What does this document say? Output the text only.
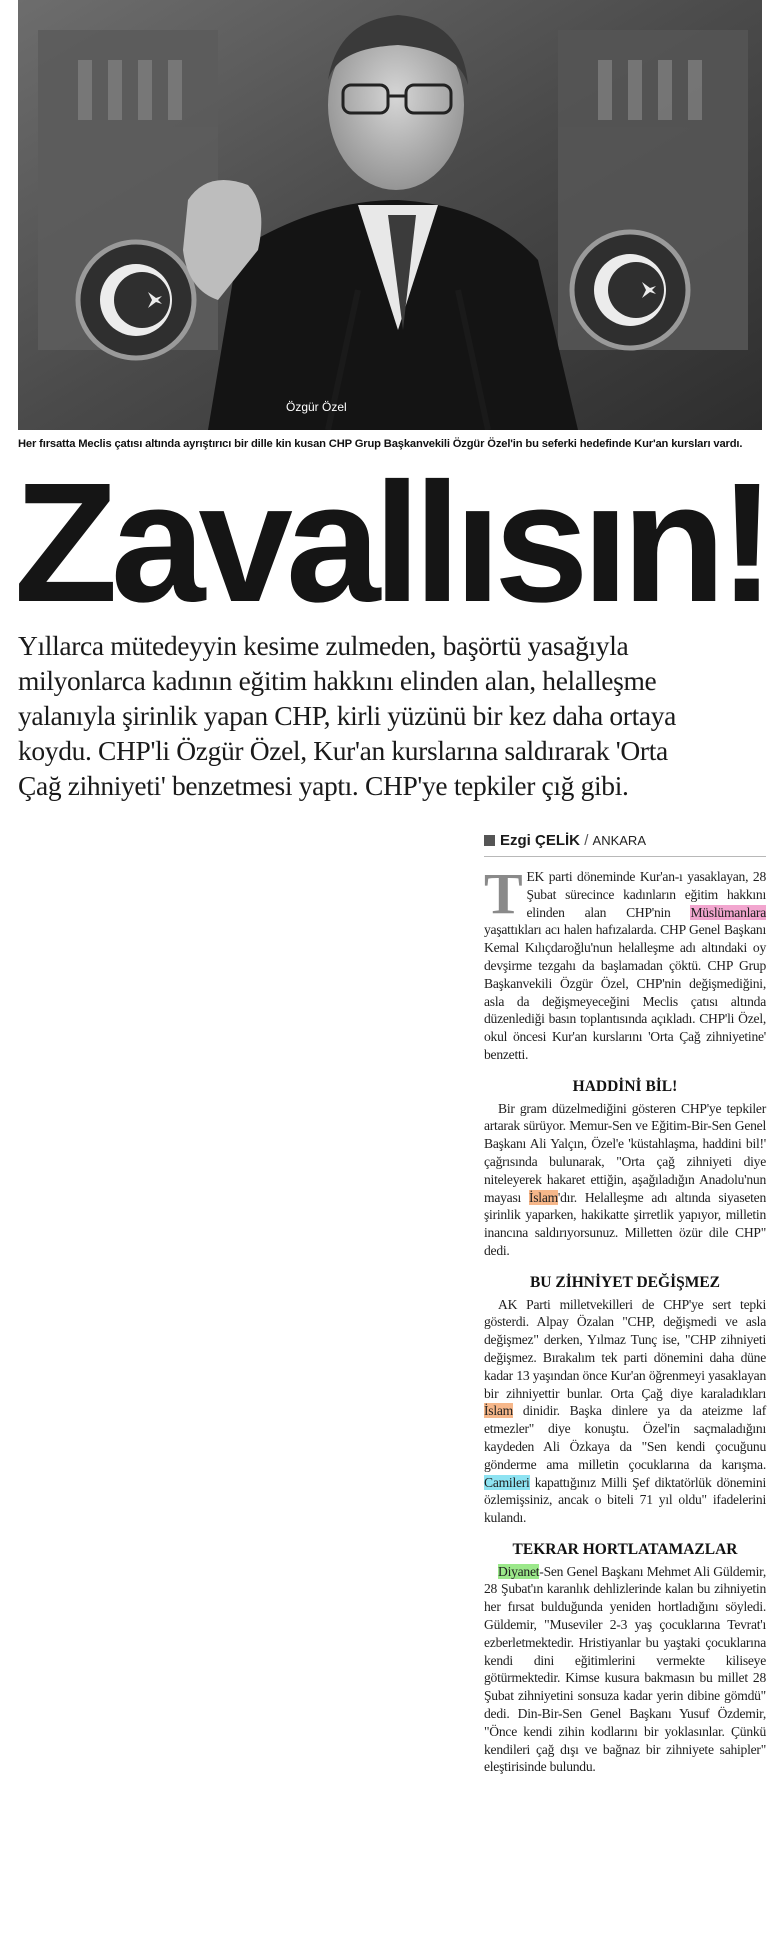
Özgür Özel
Her fırsatta Meclis çatısı altında ayrıştırıcı bir dille kin kusan CHP Grup Başkanvekili Özgür Özel'in bu seferki hedefinde Kur'an kursları vardı.
Zavallısın!

Yıllarca mütedeyyin kesime zulmeden, başörtü yasağıyla

milyonlarca kadının eğitim hakkını elinden alan, helalleşme

yalanıyla şirinlik yapan CHP, kirli yüzünü bir kez daha ortaya

koydu. CHP'li Özgür Özel, Kur'an kurslarına saldırarak 'Orta

Çağ zihniyeti' benzetmesi yaptı. CHP'ye tepkiler çığ gibi.

Ezgi ÇELİK / ANKARA

TEK parti döneminde Kur'an-ı yasaklayan, 28 Şubat sürecince kadınların eğitim hakkını elinden alan CHP'nin Müslümanlara yaşattıkları acı halen hafızalarda. CHP Genel Başkanı Kemal Kılıçdaroğlu'nun helalleşme adı altındaki oy devşirme tezgahı da başlamadan çöktü. CHP Grup Başkanvekili Özgür Özel, CHP'nin değişmediğini, asla da değişmeyeceğini Meclis çatısı altında düzenlediği basın toplantısında açıkladı. CHP'li Özel, okul öncesi Kur'an kurslarını 'Orta Çağ zihniyetine' benzetti.

HADDİNİ BİL!

Bir gram düzelmediğini gösteren CHP'ye tepkiler artarak sürüyor. Memur-Sen ve Eğitim-Bir-Sen Genel Başkanı Ali Yalçın, Özel'e 'küstahlaşma, haddini bil!' çağrısında bulunarak, "Orta çağ zihniyeti diye niteleyerek hakaret ettiğin, aşağıladığın Anadolu'nun mayası İslam'dır. Helalleşme adı altında siyaseten şirinlik yaparken, hakikatte şirretlik yapıyor, milletin inancına saldırıyorsunuz. Milletten özür dile CHP" dedi.

BU ZİHNİYET DEĞİŞMEZ

AK Parti milletvekilleri de CHP'ye sert tepki gösterdi. Alpay Özalan "CHP, değişmedi ve asla değişmez" derken, Yılmaz Tunç ise, "CHP zihniyeti değişmez. Bırakalım tek parti dönemini daha düne kadar 13 yaşından önce Kur'an öğrenmeyi yasaklayan bir zihniyettir bunlar. Orta Çağ diye karaladıkları İslam dinidir. Başka dinlere ya da ateizme laf etmezler" diye konuştu. Özel'in saçmaladığını kaydeden Ali Özkaya da "Sen kendi çocuğunu gönderme ama milletin çocuklarına da karışma. Camileri kapattığınız Milli Şef diktatörlük dönemini özlemişsiniz, ancak o biteli 71 yıl oldu" ifadelerini kulandı.

TEKRAR HORTLATAMAZLAR

Diyanet-Sen Genel Başkanı Mehmet Ali Güldemir, 28 Şubat'ın karanlık dehlizlerinde kalan bu zihniyetin her fırsat bulduğunda yeniden hortladığını söyledi. Güldemir, "Museviler 2-3 yaş çocuklarına Tevrat'ı ezberletmektedir. Hristiyanlar bu yaştaki çocuklarına kendi dini eğitimlerini vermekte kiliseye götürmektedir. Kimse kusura bakmasın bu millet 28 Şubat zihniyetini sonsuza kadar yerin dibine gömdü" dedi. Din-Bir-Sen Genel Başkanı Yusuf Özdemir, "Önce kendi zihin kodlarını bir yoklasınlar. Çünkü kendileri çağ dışı ve bağnaz bir zihniyete sahipler" eleştirisinde bulundu.
